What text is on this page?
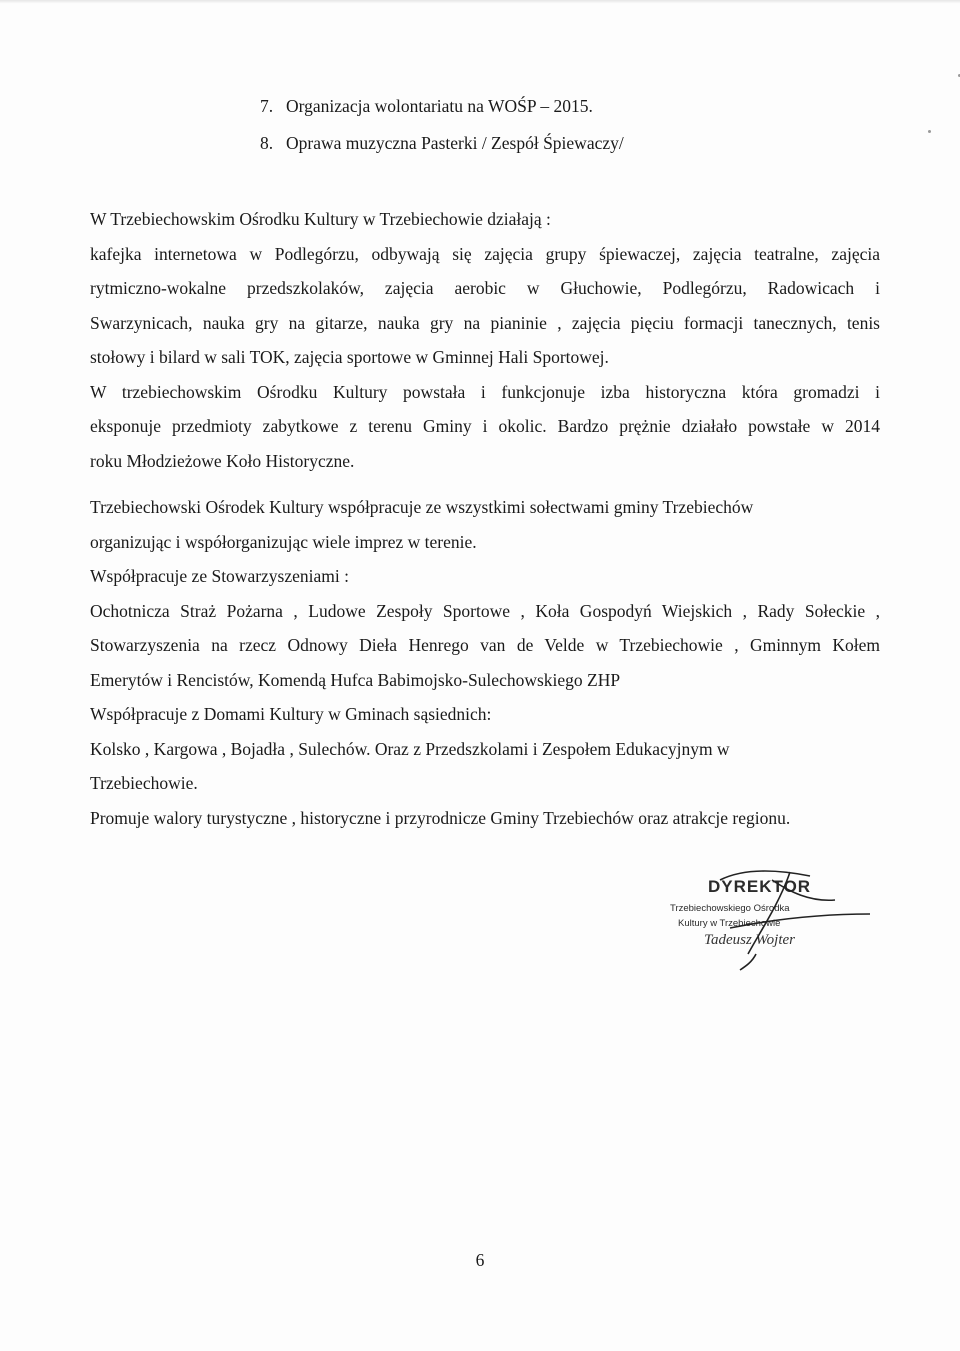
7. Organizacja wolontariatu na WOŚP – 2015.
8. Oprawa muzyczna Pasterki / Zespół Śpiewaczy/
W Trzebiechowskim Ośrodku Kultury w Trzebiechowie działają :
kafejka internetowa w Podlegórzu, odbywają się zajęcia grupy śpiewaczej, zajęcia teatralne, zajęcia
rytmiczno-wokalne przedszkolaków, zajęcia aerobic w Głuchowie, Podlegórzu, Radowicach i
Swarzynicach, nauka gry na gitarze, nauka gry na pianinie , zajęcia pięciu formacji tanecznych, tenis
stołowy i bilard w sali TOK, zajęcia sportowe w Gminnej Hali Sportowej.
W trzebiechowskim Ośrodku Kultury powstała i funkcjonuje izba historyczna która gromadzi i
eksponuje przedmioty zabytkowe z terenu Gminy i okolic. Bardzo prężnie działało powstałe w 2014
roku Młodzieżowe Koło Historyczne.
Trzebiechowski Ośrodek Kultury współpracuje ze wszystkimi sołectwami gminy Trzebiechów
organizując i współorganizując wiele imprez w terenie.
Współpracuje ze Stowarzyszeniami :
Ochotnicza Straż Pożarna , Ludowe Zespoły Sportowe , Koła Gospodyń Wiejskich , Rady Sołeckie ,
Stowarzyszenia na rzecz Odnowy Dieła Henrego van de Velde w Trzebiechowie , Gminnym Kołem
Emerytów i Rencistów, Komendą Hufca Babimojsko-Sulechowskiego ZHP
Współpracuje z Domami Kultury w Gminach sąsiednich:
Kolsko , Kargowa , Bojadła , Sulechów. Oraz z Przedszkolami i Zespołem Edukacyjnym w
Trzebiechowie.
Promuje walory turystyczne , historyczne i przyrodnicze Gminy Trzebiechów oraz atrakcje regionu.
DYREKTOR
Trzebiechowskiego Ośrodka
Kultury w Trzebiechowie
Tadeusz Wojter
6
